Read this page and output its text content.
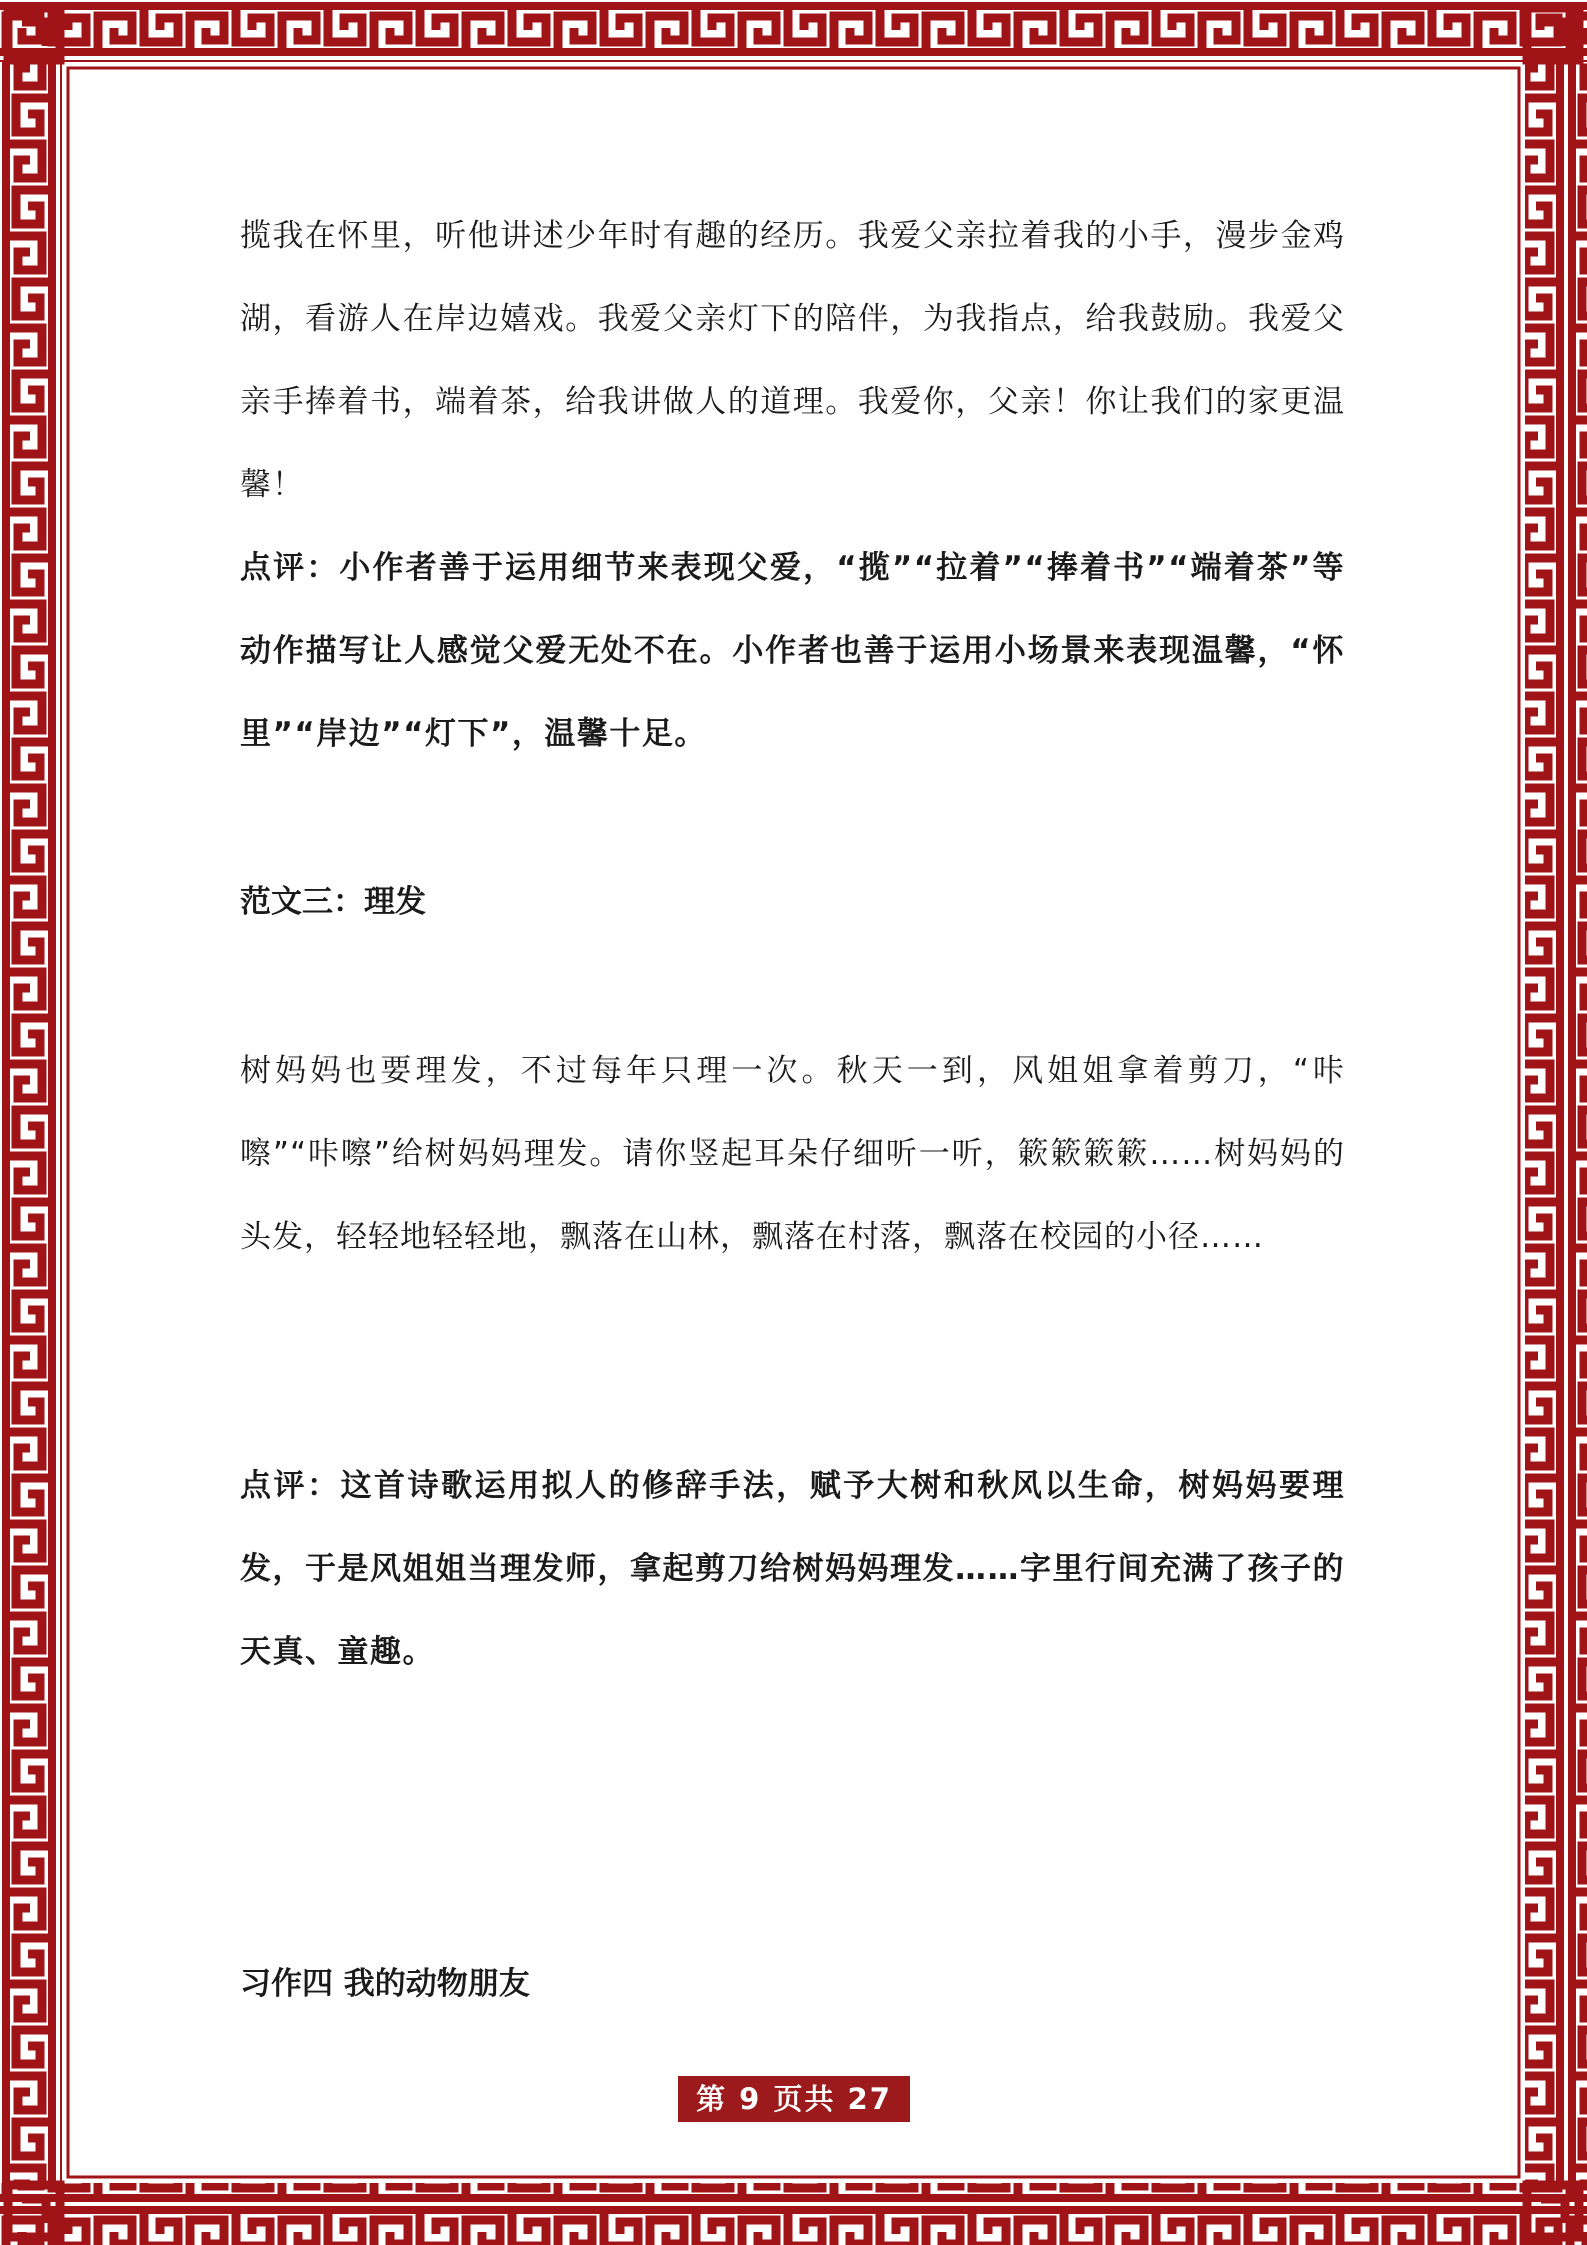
揽我在怀里，听他讲述少年时有趣的经历。我爱父亲拉着我的小手，漫步金鸡湖，看游人在岸边嬉戏。我爱父亲灯下的陪伴，为我指点，给我鼓励。我爱父亲手捧着书，端着茶，给我讲做人的道理。我爱你，父亲！你让我们的家更温馨！

点评：小作者善于运用细节来表现父爱，“揽”“拉着”“捧着书”“端着茶”等动作描写让人感觉父爱无处不在。小作者也善于运用小场景来表现温馨，“怀里”“岸边”“灯下”，温馨十足。

范文三：理发

树妈妈也要理发，不过每年只理一次。秋天一到，风姐姐拿着剪刀，“咔嚓”“咔嚓”给树妈妈理发。请你竖起耳朵仔细听一听，簌簌簌簌……树妈妈的头发，轻轻地轻轻地，飘落在山林，飘落在村落，飘落在校园的小径……

点评：这首诗歌运用拟人的修辞手法，赋予大树和秋风以生命，树妈妈要理发，于是风姐姐当理发师，拿起剪刀给树妈妈理发……字里行间充满了孩子的天真、童趣。

习作四 我的动物朋友

第 9 页共 27 页
